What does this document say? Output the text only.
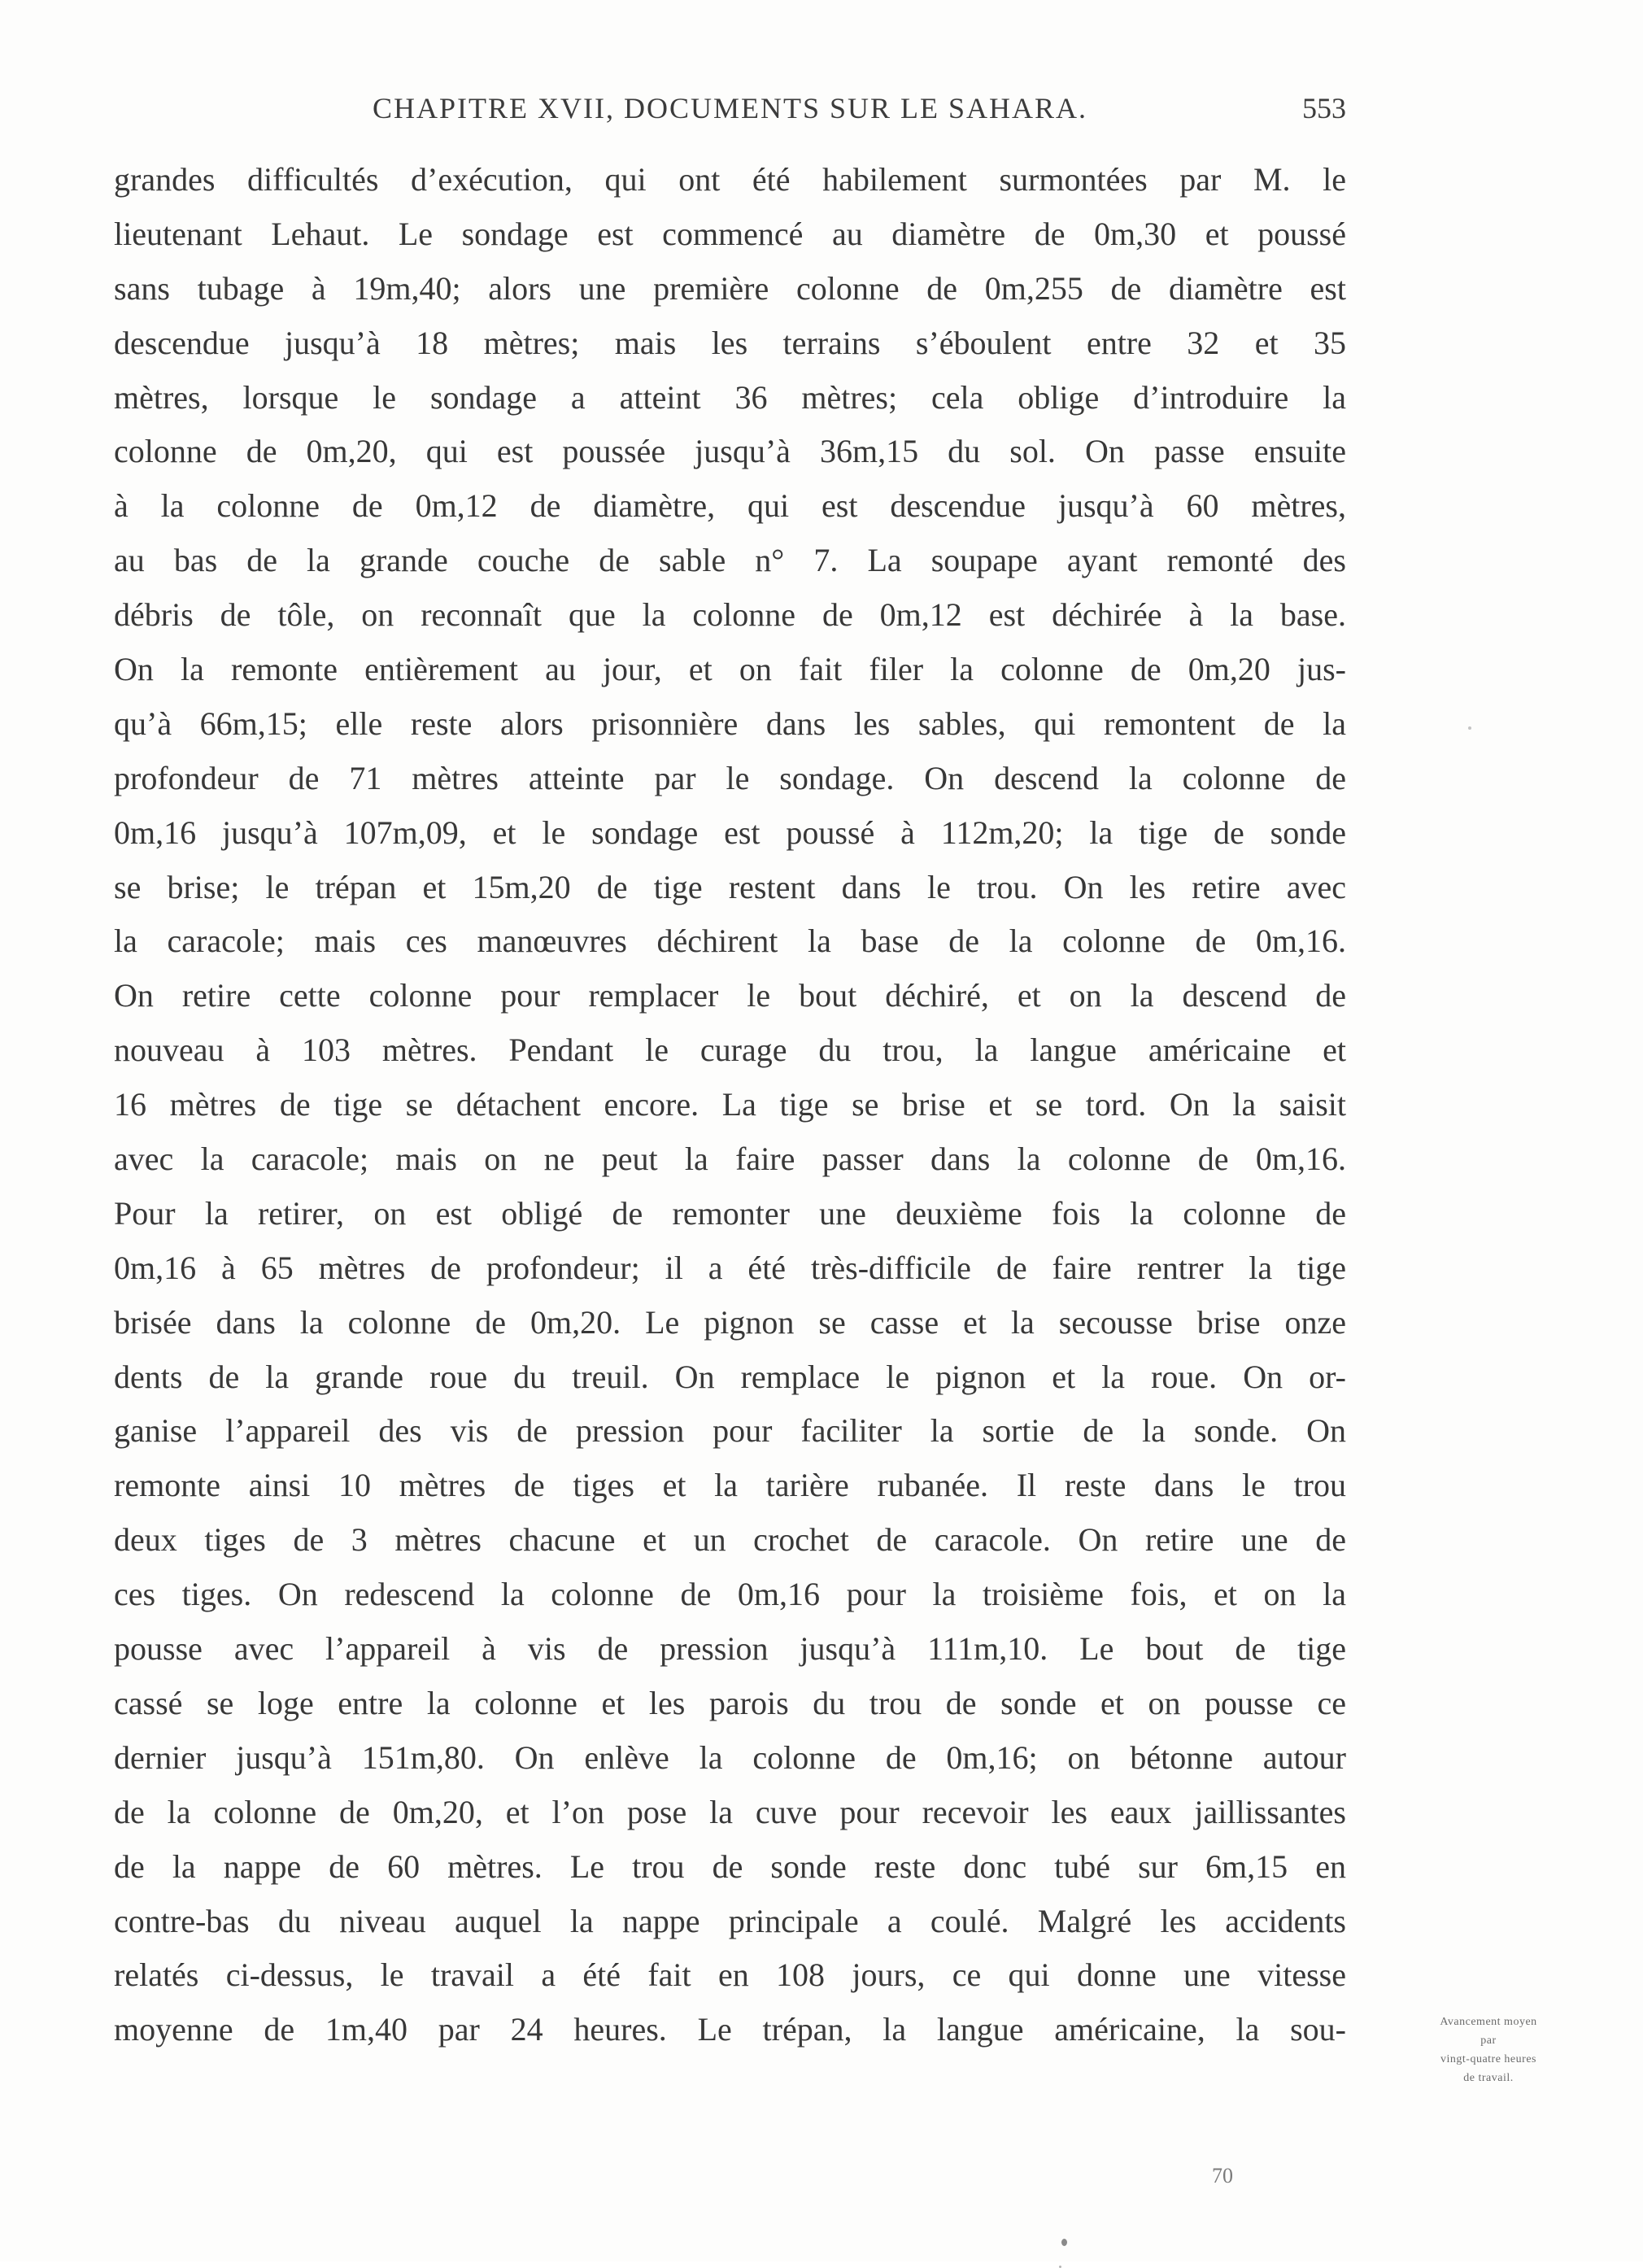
CHAPITRE XVII, DOCUMENTS SUR LE SAHARA.	553
grandes difficultés d’exécution, qui ont été habilement surmontées par M. le
lieutenant Lehaut. Le sondage est commencé au diamètre de 0m,30 et poussé
sans tubage à 19m,40; alors une première colonne de 0m,255 de diamètre est
descendue jusqu’à 18 mètres; mais les terrains s’éboulent entre 32 et 35
mètres, lorsque le sondage a atteint 36 mètres; cela oblige d’introduire la
colonne de 0m,20, qui est poussée jusqu’à 36m,15 du sol. On passe ensuite
à la colonne de 0m,12 de diamètre, qui est descendue jusqu’à 60 mètres,
au bas de la grande couche de sable n° 7. La soupape ayant remonté des
débris de tôle, on reconnaît que la colonne de 0m,12 est déchirée à la base.
On la remonte entièrement au jour, et on fait filer la colonne de 0m,20 jus-
qu’à 66m,15; elle reste alors prisonnière dans les sables, qui remontent de la
profondeur de 71 mètres atteinte par le sondage. On descend la colonne de
0m,16 jusqu’à 107m,09, et le sondage est poussé à 112m,20; la tige de sonde
se brise; le trépan et 15m,20 de tige restent dans le trou. On les retire avec
la caracole; mais ces manœuvres déchirent la base de la colonne de 0m,16.
On retire cette colonne pour remplacer le bout déchiré, et on la descend de
nouveau à 103 mètres. Pendant le curage du trou, la langue américaine et
16 mètres de tige se détachent encore. La tige se brise et se tord. On la saisit
avec la caracole; mais on ne peut la faire passer dans la colonne de 0m,16.
Pour la retirer, on est obligé de remonter une deuxième fois la colonne de
0m,16 à 65 mètres de profondeur; il a été très-difficile de faire rentrer la tige
brisée dans la colonne de 0m,20. Le pignon se casse et la secousse brise onze
dents de la grande roue du treuil. On remplace le pignon et la roue. On or-
ganise l’appareil des vis de pression pour faciliter la sortie de la sonde. On
remonte ainsi 10 mètres de tiges et la tarière rubanée. Il reste dans le trou
deux tiges de 3 mètres chacune et un crochet de caracole. On retire une de
ces tiges. On redescend la colonne de 0m,16 pour la troisième fois, et on la
pousse avec l’appareil à vis de pression jusqu’à 111m,10. Le bout de tige
cassé se loge entre la colonne et les parois du trou de sonde et on pousse ce
dernier jusqu’à 151m,80. On enlève la colonne de 0m,16; on bétonne autour
de la colonne de 0m,20, et l’on pose la cuve pour recevoir les eaux jaillissantes
de la nappe de 60 mètres. Le trou de sonde reste donc tubé sur 6m,15 en
contre-bas du niveau auquel la nappe principale a coulé. Malgré les accidents
relatés ci-dessus, le travail a été fait en 108 jours, ce qui donne une vitesse
moyenne de 1m,40 par 24 heures. Le trépan, la langue américaine, la sou-	Avancement moyen
par
vingt-quatre heures
de travail.
70
